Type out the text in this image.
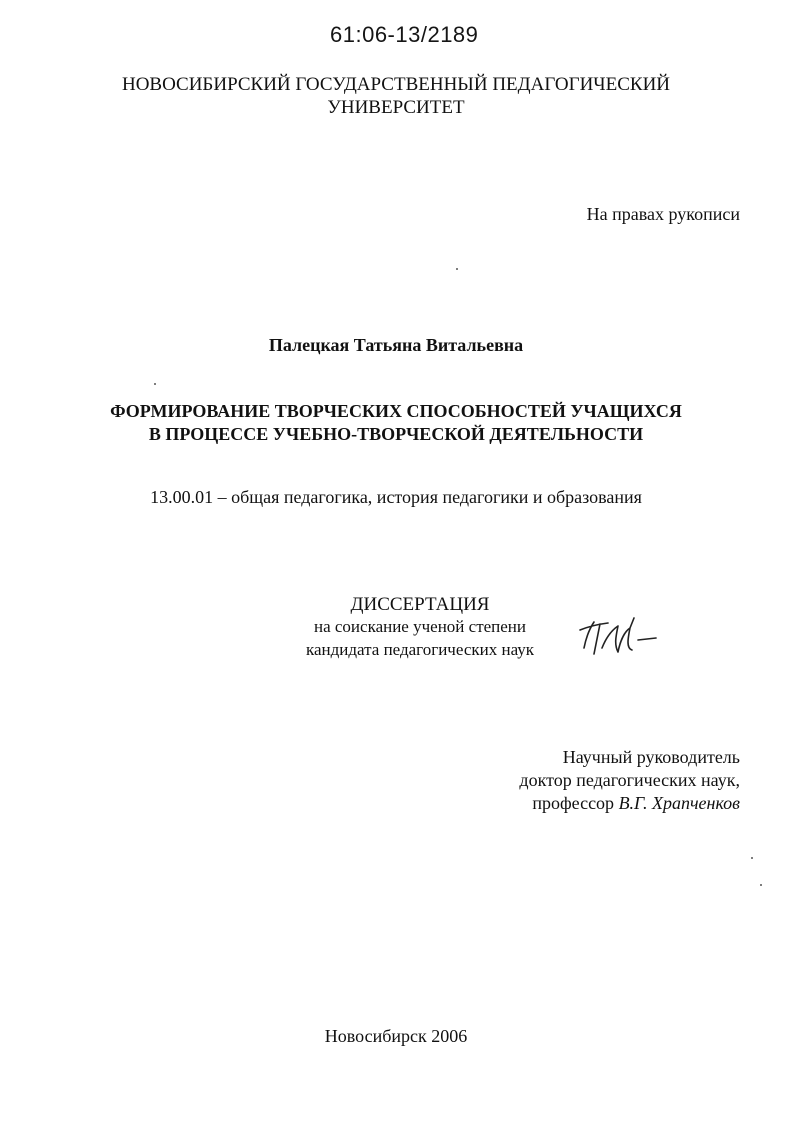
61:06-13/2189
НОВОСИБИРСКИЙ ГОСУДАРСТВЕННЫЙ ПЕДАГОГИЧЕСКИЙ
УНИВЕРСИТЕТ
На правах рукописи
Палецкая Татьяна Витальевна
ФОРМИРОВАНИЕ ТВОРЧЕСКИХ СПОСОБНОСТЕЙ УЧАЩИХСЯ
В ПРОЦЕССЕ УЧЕБНО-ТВОРЧЕСКОЙ ДЕЯТЕЛЬНОСТИ
13.00.01 – общая педагогика, история педагогики и образования
ДИССЕРТАЦИЯ
на соискание ученой степени
кандидата педагогических наук
Научный руководитель
доктор педагогических наук,
профессор В.Г. Храпченков
Новосибирск 2006
